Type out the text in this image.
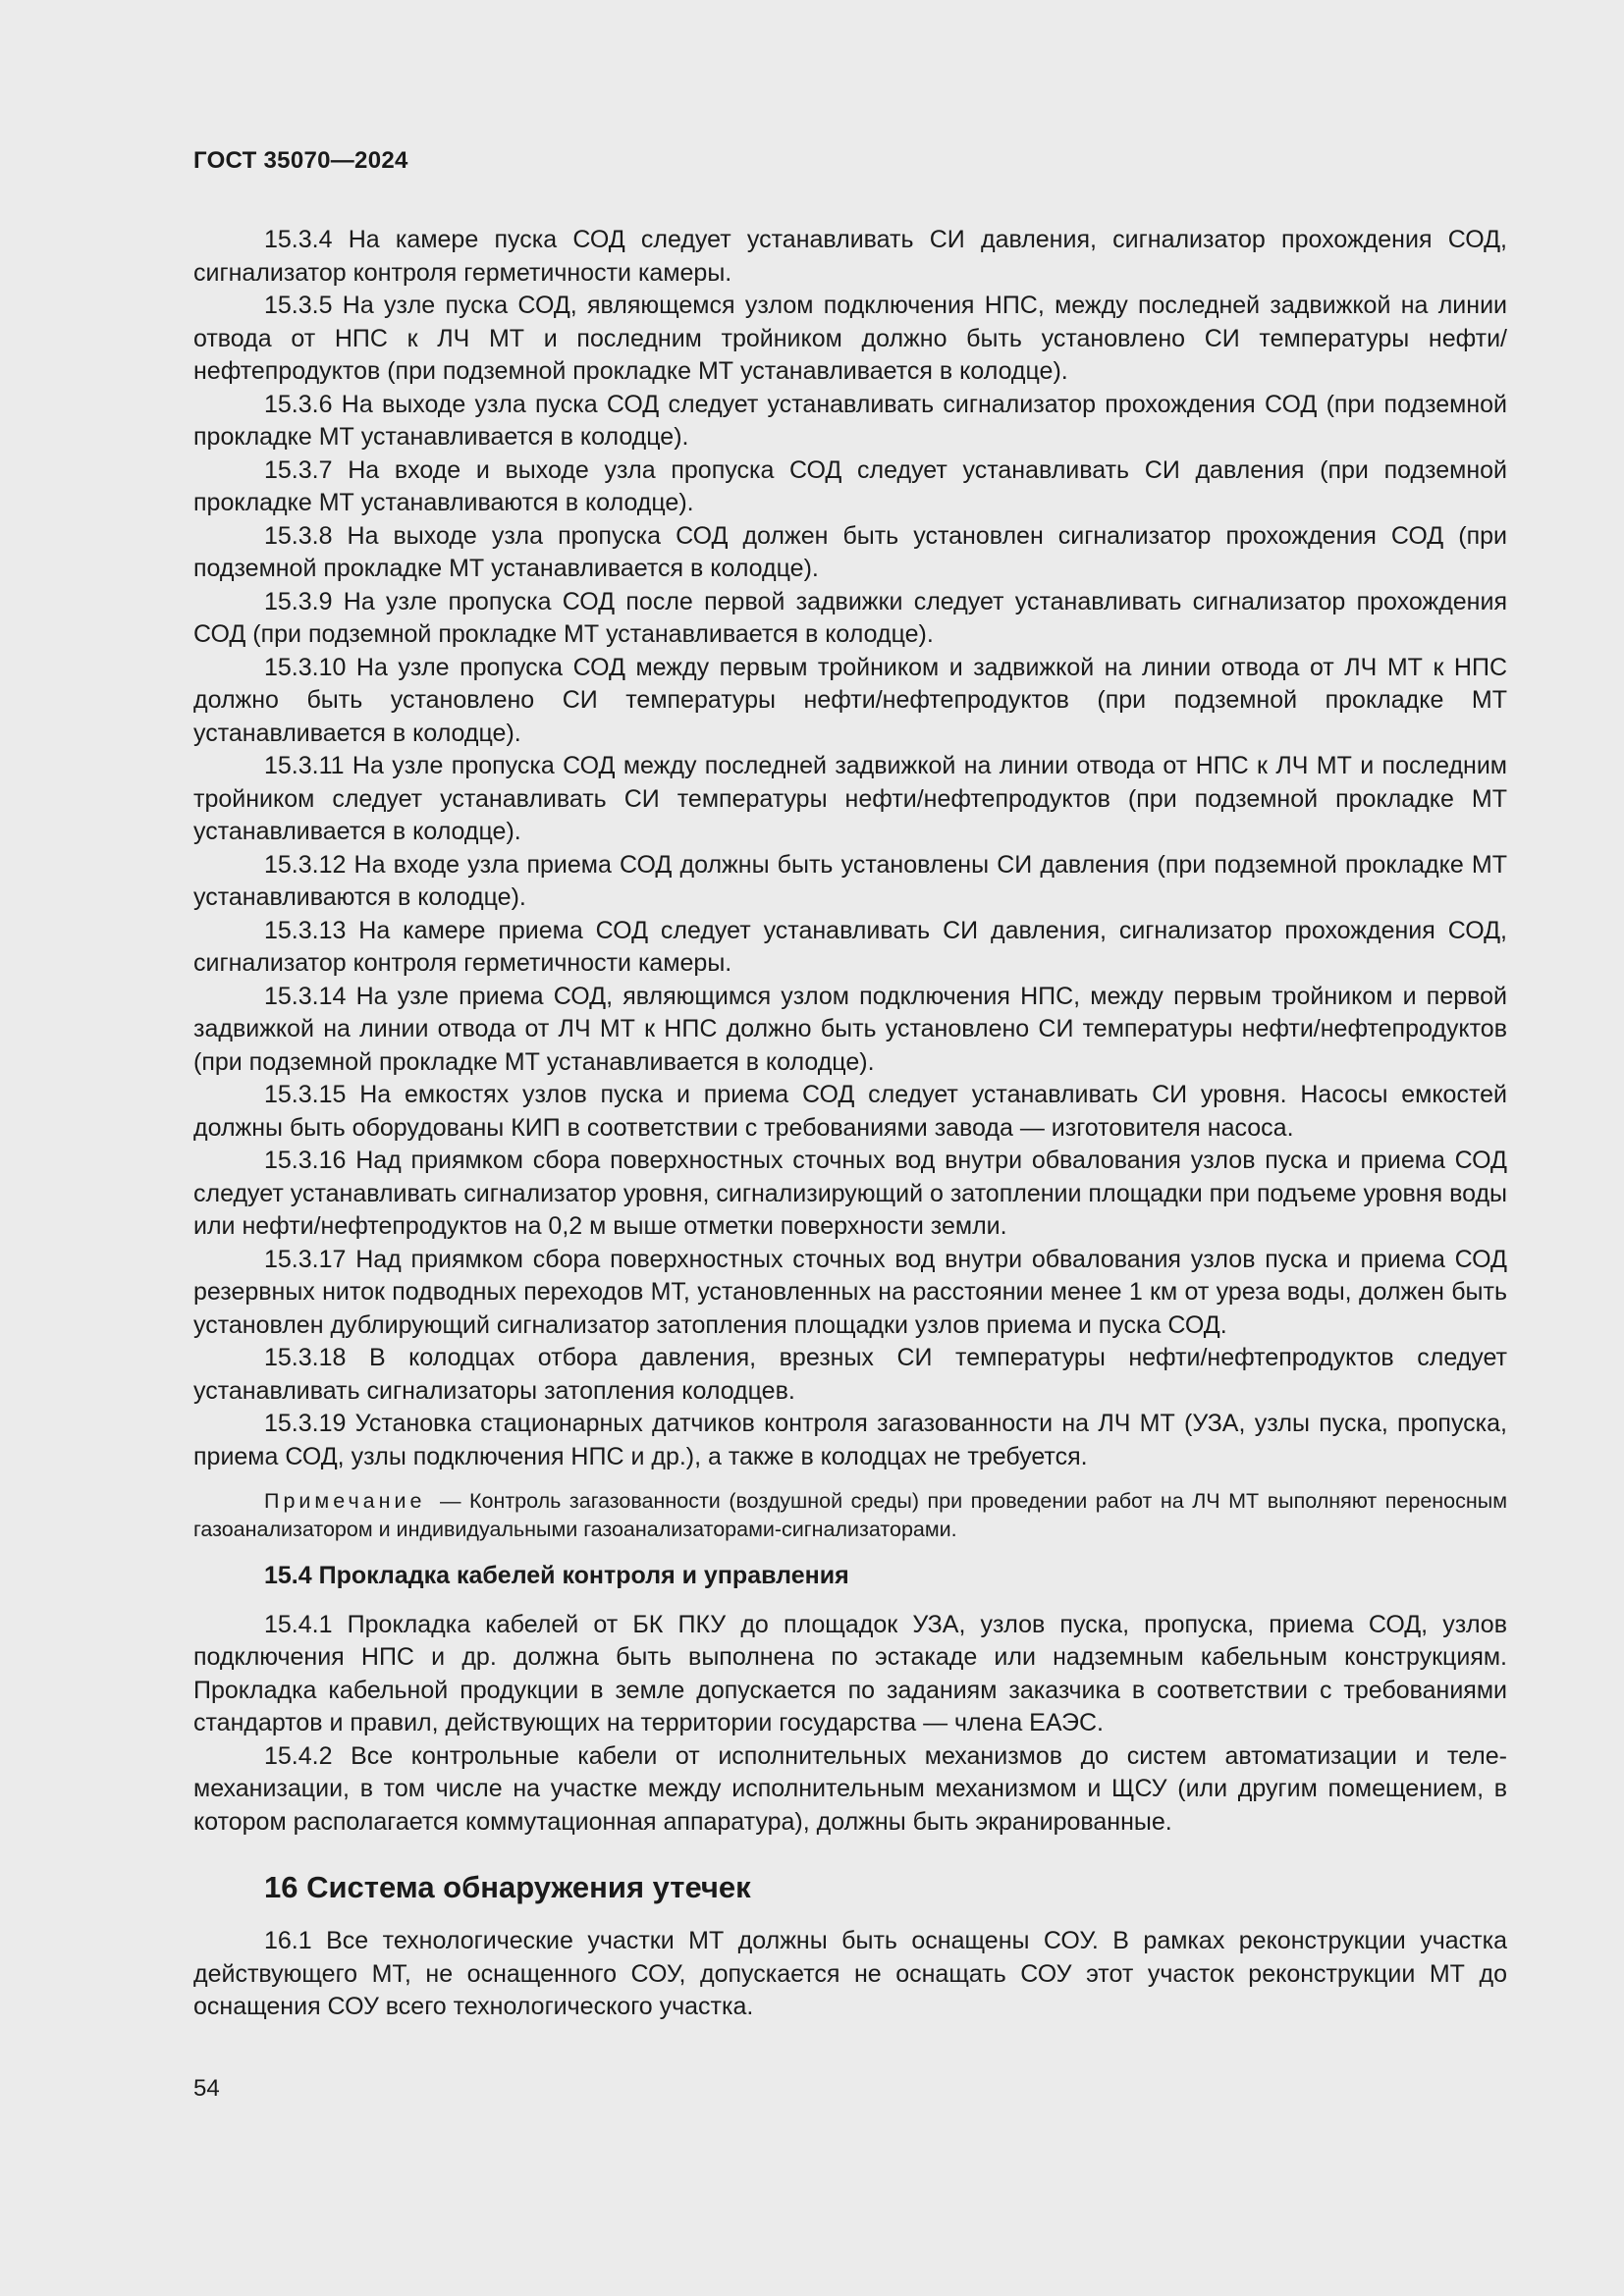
ГОСТ 35070—2024

15.3.4 На камере пуска СОД следует устанавливать СИ давления, сигнализатор прохождения СОД, сигнализатор контроля герметичности камеры.

15.3.5 На узле пуска СОД, являющемся узлом подключения НПС, между последней задвижкой на линии отвода от НПС к ЛЧ МТ и последним тройником должно быть установлено СИ температуры нефти/нефтепродуктов (при подземной прокладке МТ устанавливается в колодце).

15.3.6 На выходе узла пуска СОД следует устанавливать сигнализатор прохождения СОД (при подземной прокладке МТ устанавливается в колодце).

15.3.7 На входе и выходе узла пропуска СОД следует устанавливать СИ давления (при подземной прокладке МТ устанавливаются в колодце).

15.3.8 На выходе узла пропуска СОД должен быть установлен сигнализатор прохождения СОД (при подземной прокладке МТ устанавливается в колодце).

15.3.9 На узле пропуска СОД после первой задвижки следует устанавливать сигнализатор прохождения СОД (при подземной прокладке МТ устанавливается в колодце).

15.3.10 На узле пропуска СОД между первым тройником и задвижкой на линии отвода от ЛЧ МТ к НПС должно быть установлено СИ температуры нефти/нефтепродуктов (при подземной прокладке МТ устанавливается в колодце).

15.3.11 На узле пропуска СОД между последней задвижкой на линии отвода от НПС к ЛЧ МТ и последним тройником следует устанавливать СИ температуры нефти/нефтепродуктов (при подземной прокладке МТ устанавливается в колодце).

15.3.12 На входе узла приема СОД должны быть установлены СИ давления (при подземной прокладке МТ устанавливаются в колодце).

15.3.13 На камере приема СОД следует устанавливать СИ давления, сигнализатор прохождения СОД, сигнализатор контроля герметичности камеры.

15.3.14 На узле приема СОД, являющимся узлом подключения НПС, между первым тройником и первой задвижкой на линии отвода от ЛЧ МТ к НПС должно быть установлено СИ температуры нефти/нефтепродуктов (при подземной прокладке МТ устанавливается в колодце).

15.3.15 На емкостях узлов пуска и приема СОД следует устанавливать СИ уровня. Насосы емкостей должны быть оборудованы КИП в соответствии с требованиями завода — изготовителя насоса.

15.3.16 Над приямком сбора поверхностных сточных вод внутри обвалования узлов пуска и приема СОД следует устанавливать сигнализатор уровня, сигнализирующий о затоплении площадки при подъеме уровня воды или нефти/нефтепродуктов на 0,2 м выше отметки поверхности земли.

15.3.17 Над приямком сбора поверхностных сточных вод внутри обвалования узлов пуска и приема СОД резервных ниток подводных переходов МТ, установленных на расстоянии менее 1 км от уреза воды, должен быть установлен дублирующий сигнализатор затопления площадки узлов приема и пуска СОД.

15.3.18 В колодцах отбора давления, врезных СИ температуры нефти/нефтепродуктов следует устанавливать сигнализаторы затопления колодцев.

15.3.19 Установка стационарных датчиков контроля загазованности на ЛЧ МТ (УЗА, узлы пуска, пропуска, приема СОД, узлы подключения НПС и др.), а также в колодцах не требуется.

Примечание — Контроль загазованности (воздушной среды) при проведении работ на ЛЧ МТ выполняют переносным газоанализатором и индивидуальными газоанализаторами-сигнализаторами.

15.4 Прокладка кабелей контроля и управления

15.4.1 Прокладка кабелей от БК ПКУ до площадок УЗА, узлов пуска, пропуска, приема СОД, узлов подключения НПС и др. должна быть выполнена по эстакаде или надземным кабельным конструкциям. Прокладка кабельной продукции в земле допускается по заданиям заказчика в соответствии с требованиями стандартов и правил, действующих на территории государства — члена ЕАЭС.

15.4.2 Все контрольные кабели от исполнительных механизмов до систем автоматизации и телемеханизации, в том числе на участке между исполнительным механизмом и ЩСУ (или другим помещением, в котором располагается коммутационная аппаратура), должны быть экранированные.

16 Система обнаружения утечек

16.1 Все технологические участки МТ должны быть оснащены СОУ. В рамках реконструкции участка действующего МТ, не оснащенного СОУ, допускается не оснащать СОУ этот участок реконструкции МТ до оснащения СОУ всего технологического участка.

54
